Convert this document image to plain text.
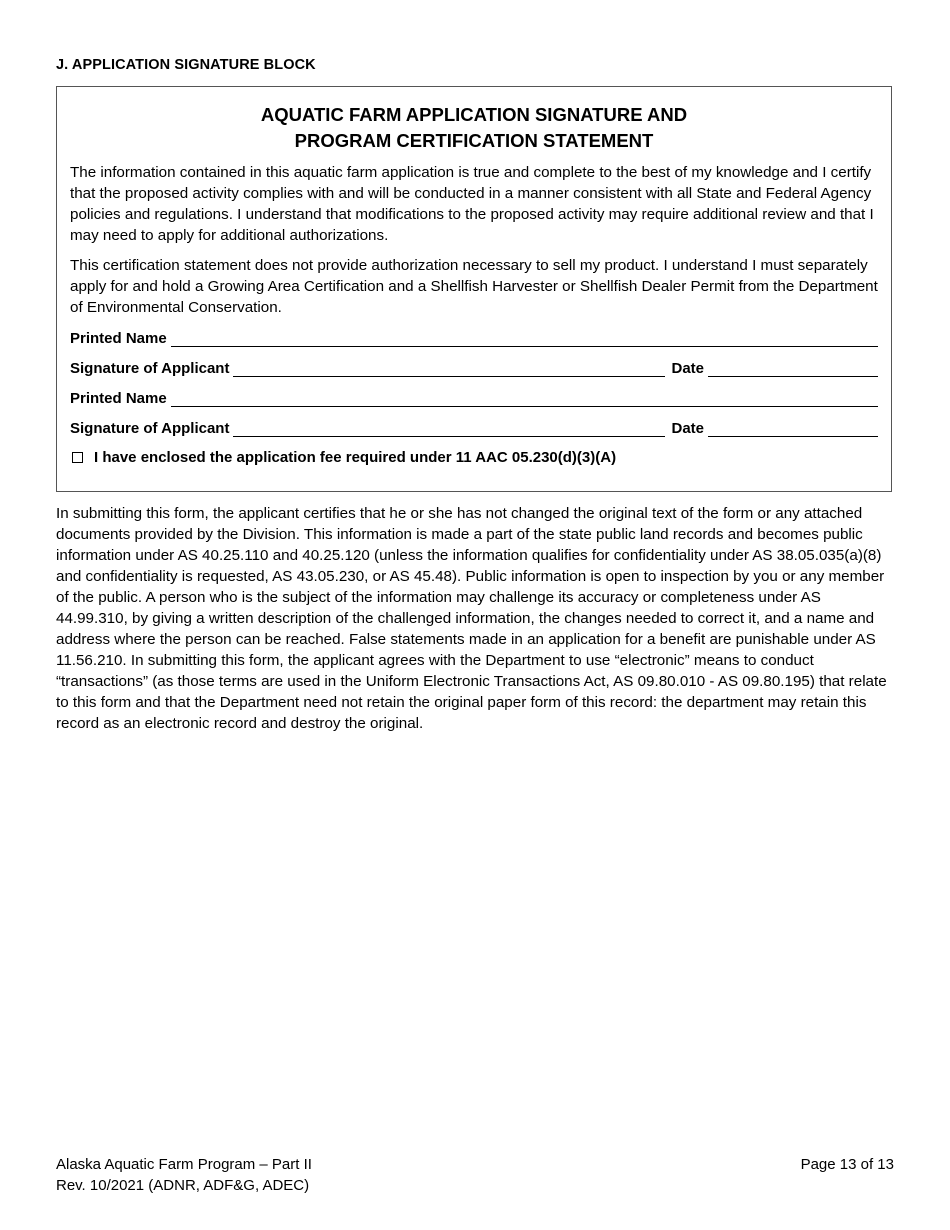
J. APPLICATION SIGNATURE BLOCK
AQUATIC FARM APPLICATION SIGNATURE AND
PROGRAM CERTIFICATION STATEMENT

The information contained in this aquatic farm application is true and complete to the best of my knowledge and I certify that the proposed activity complies with and will be conducted in a manner consistent with all State and Federal Agency policies and regulations. I understand that modifications to the proposed activity may require additional review and that I may need to apply for additional authorizations.

This certification statement does not provide authorization necessary to sell my product. I understand I must separately apply for and hold a Growing Area Certification and a Shellfish Harvester or Shellfish Dealer Permit from the Department of Environmental Conservation.

Printed Name
Signature of Applicant	Date
Printed Name
Signature of Applicant	Date
I have enclosed the application fee required under 11 AAC 05.230(d)(3)(A)

In submitting this form, the applicant certifies that he or she has not changed the original text of the form or any attached documents provided by the Division. This information is made a part of the state public land records and becomes public information under AS 40.25.110 and 40.25.120 (unless the information qualifies for confidentiality under AS 38.05.035(a)(8) and confidentiality is requested, AS 43.05.230, or AS 45.48). Public information is open to inspection by you or any member of the public. A person who is the subject of the information may challenge its accuracy or completeness under AS 44.99.310, by giving a written description of the challenged information, the changes needed to correct it, and a name and address where the person can be reached. False statements made in an application for a benefit are punishable under AS 11.56.210. In submitting this form, the applicant agrees with the Department to use “electronic” means to conduct “transactions” (as those terms are used in the Uniform Electronic Transactions Act, AS 09.80.010 - AS 09.80.195) that relate to this form and that the Department need not retain the original paper form of this record: the department may retain this record as an electronic record and destroy the original.

Alaska Aquatic Farm Program – Part II
Rev. 10/2021 (ADNR, ADF&G, ADEC)
Page 13 of 13
